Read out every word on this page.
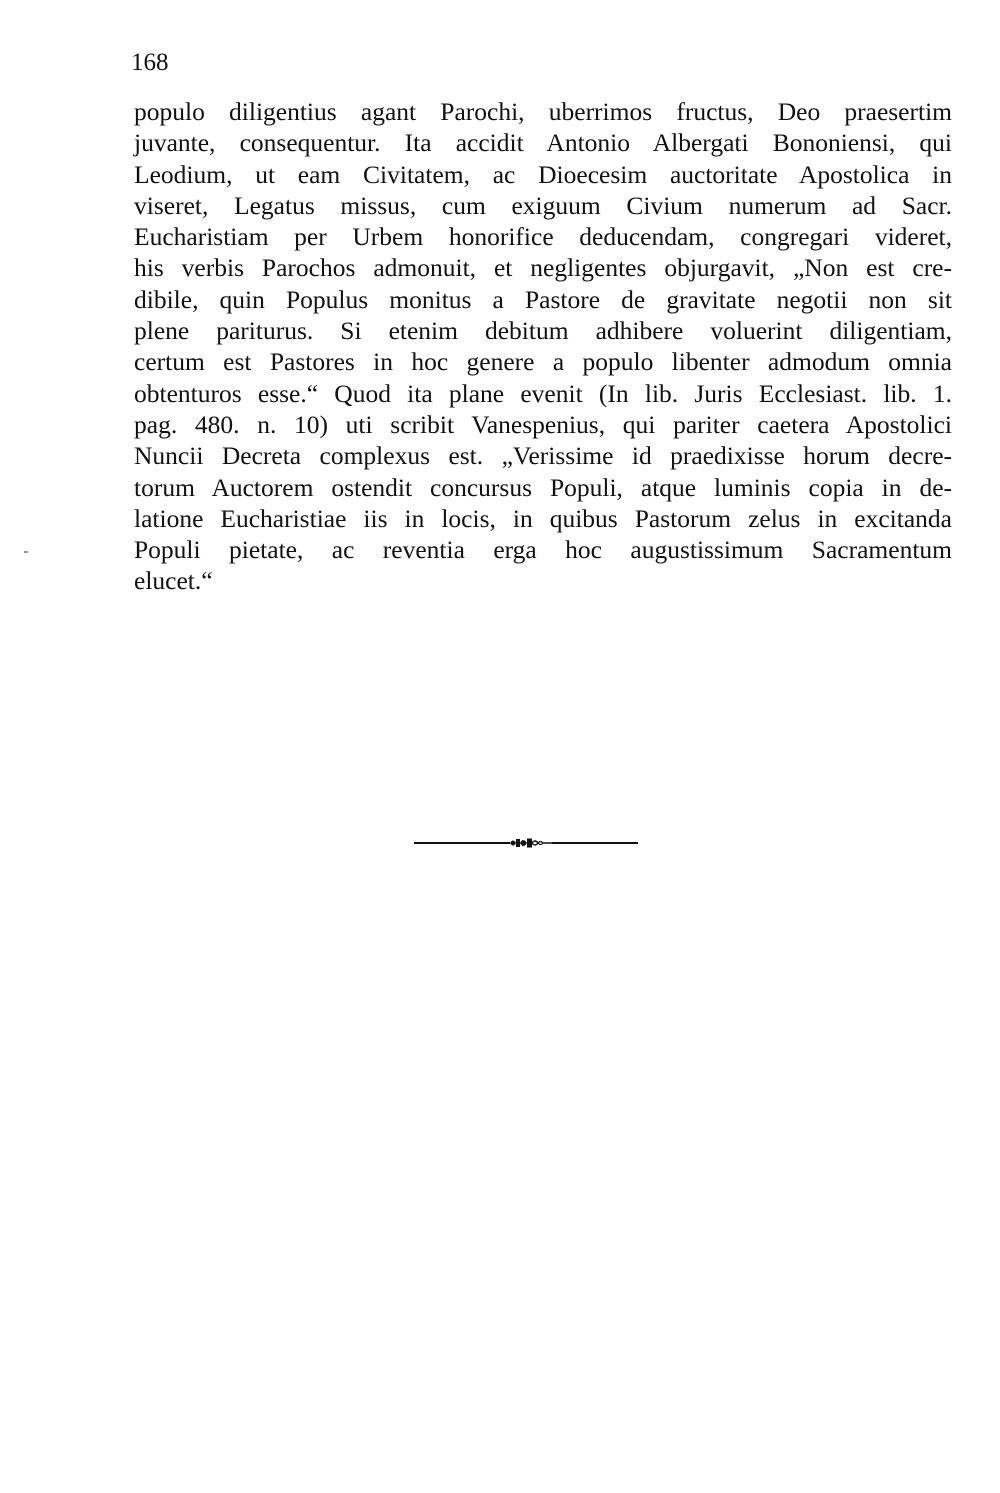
168
populo diligentius agant Parochi, uberrimos fructus, Deo praesertim
juvante, consequentur. Ita accidit Antonio Albergati Bononiensi, qui
Leodium, ut eam Civitatem, ac Dioecesim auctoritate Apostolica in
viseret, Legatus missus, cum exiguum Civium numerum ad Sacr.
Eucharistiam per Urbem honorifice deducendam, congregari videret,
his verbis Parochos admonuit, et negligentes objurgavit, „Non est cre-
dibile, quin Populus monitus a Pastore de gravitate negotii non sit
plene pariturus. Si etenim debitum adhibere voluerint diligentiam,
certum est Pastores in hoc genere a populo libenter admodum omnia
obtenturos esse.“ Quod ita plane evenit (In lib. Juris Ecclesiast. lib. 1.
pag. 480. n. 10) uti scribit Vanespenius, qui pariter caetera Apostolici
Nuncii Decreta complexus est. „Verissime id praedixisse horum decre-
torum Auctorem ostendit concursus Populi, atque luminis copia in de-
latione Eucharistiae iis in locis, in quibus Pastorum zelus in excitanda
Populi pietate, ac reventia erga hoc augustissimum Sacramentum
elucet.“
